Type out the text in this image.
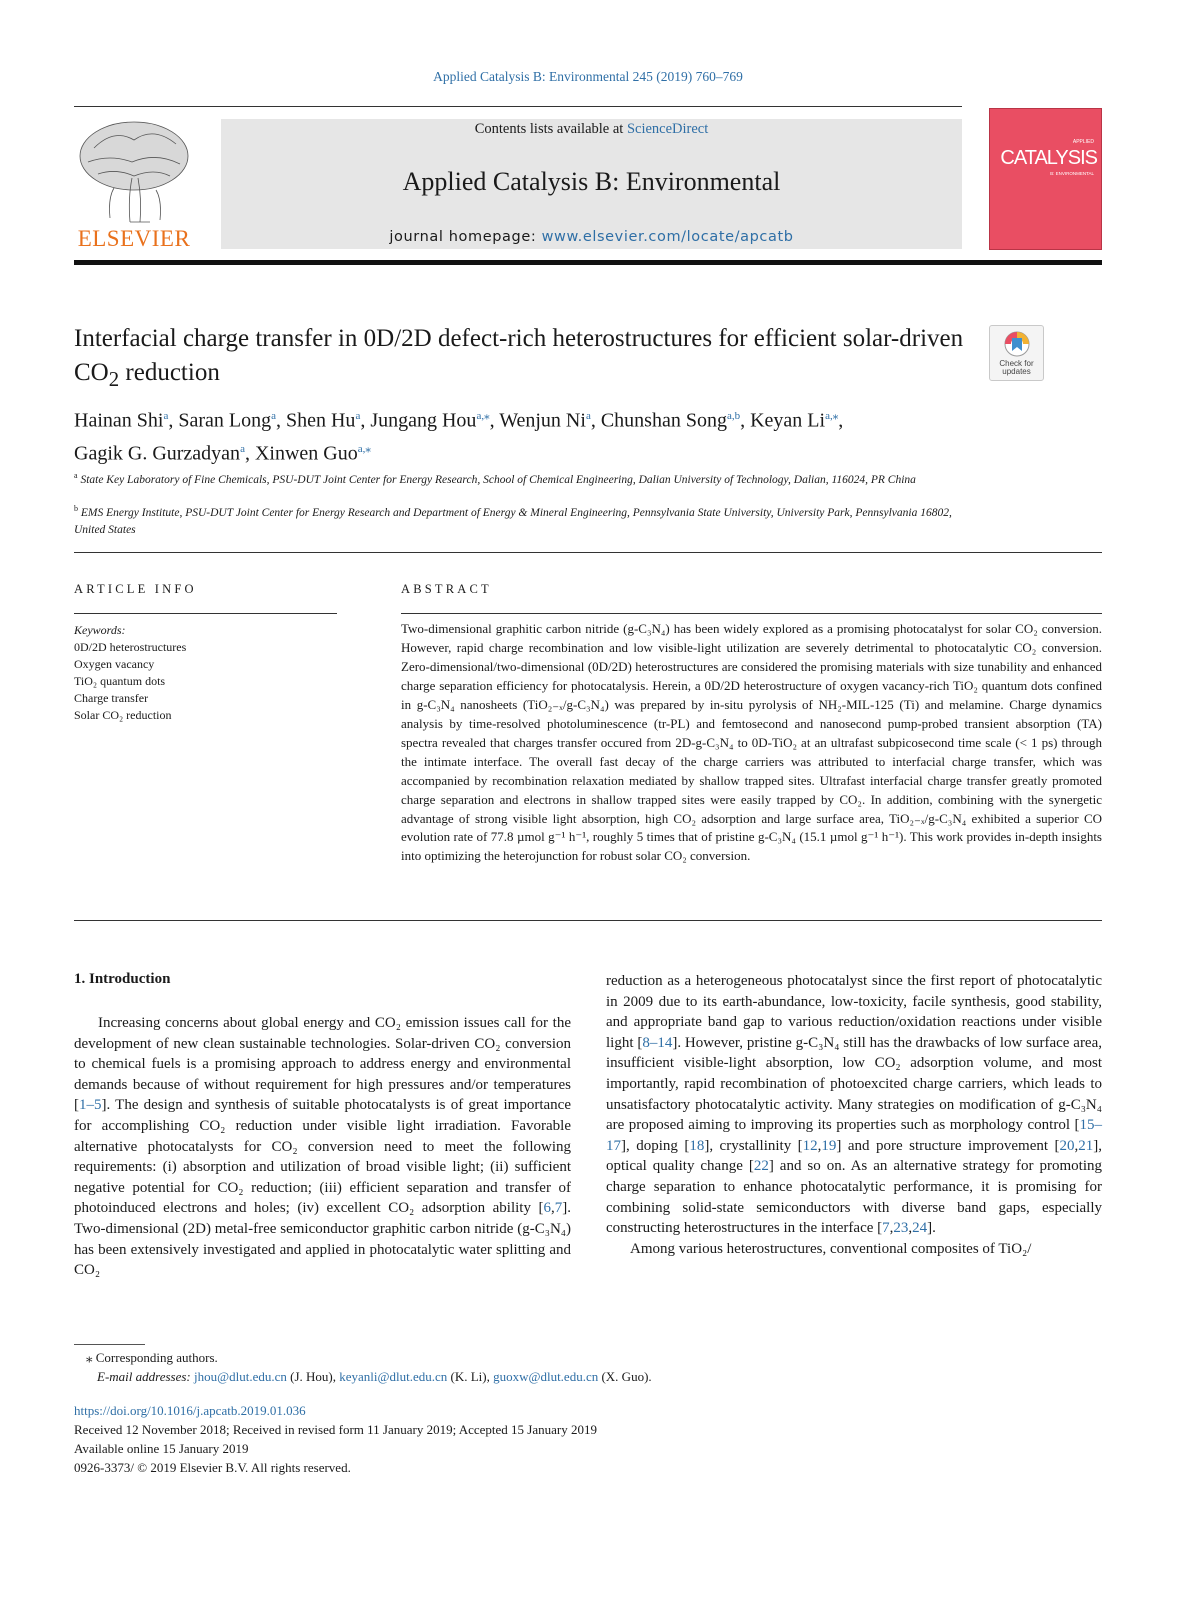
Applied Catalysis B: Environmental 245 (2019) 760–769
ELSEVIER
Contents lists available at ScienceDirect
Applied Catalysis B: Environmental
journal homepage: www.elsevier.com/locate/apcatb
APPLIED
CATALYSIS
B: ENVIRONMENTAL
Interfacial charge transfer in 0D/2D defect-rich heterostructures for efficient solar-driven $CO_2$ reduction	Check for
updates
Hainan Shi$^a$, Saran Long$^a$, Shen Hu$^a$, Jungang Hou$^{a,⁎}$, Wenjun Ni$^a$, Chunshan Song$^{a,b}$, Keyan $Li^{a,⁎}$,
Gagik G. Gurzadyan$^a$, Xinwen Guo$^{a,⁎}$
$^a$ State Key Laboratory of Fine Chemicals, PSU-DUT Joint Center for Energy Research, School of Chemical Engineering, Dalian University of Technology, Dalian, 116024, PR China
$^b$ EMS Energy Institute, PSU-DUT Joint Center for Energy Research and Department of Energy & Mineral Engineering, Pennsylvania State University, University Park, Pennsylvania 16802, United States
ARTICLE INFO	ABSTRACT
Keywords:
0D/2D heterostructures
Oxygen vacancy
TiO₂ quantum dots
Charge transfer
Solar CO₂ reduction
Two-dimensional graphitic carbon nitride (g-C₃N₄) has been widely explored as a promising photocatalyst for solar CO₂ conversion. However, rapid charge recombination and low visible-light utilization are severely detrimental to photocatalytic CO₂ conversion. Zero-dimensional/two-dimensional (0D/2D) heterostructures are considered the promising materials with size tunability and enhanced charge separation efficiency for photocatalysis. Herein, a 0D/2D heterostructure of oxygen vacancy-rich TiO₂ quantum dots confined in g-C₃N₄ nanosheets (TiO₂₋ₓ/g-C₃N₄) was prepared by in-situ pyrolysis of NH₂-MIL-125 (Ti) and melamine. Charge dynamics analysis by time-resolved photoluminescence (tr-PL) and femtosecond and nanosecond pump-probed transient absorption (TA) spectra revealed that charges transfer occured from 2D-g-C₃N₄ to 0D-TiO₂ at an ultrafast subpicosecond time scale (< 1 ps) through the intimate interface. The overall fast decay of the charge carriers was attributed to interfacial charge transfer, which was accompanied by recombination relaxation mediated by shallow trapped sites. Ultrafast interfacial charge transfer greatly promoted charge separation and electrons in shallow trapped sites were easily trapped by CO₂. In addition, combining with the synergetic advantage of strong visible light absorption, high CO₂ adsorption and large surface area, TiO₂₋ₓ/g-C₃N₄ exhibited a superior CO evolution rate of 77.8 µmol g⁻¹ h⁻¹, roughly 5 times that of pristine g-C₃N₄ (15.1 µmol g⁻¹ h⁻¹). This work provides in-depth insights into optimizing the heterojunction for robust solar CO₂ conversion.
1. Introduction

Increasing concerns about global energy and CO₂ emission issues call for the development of new clean sustainable technologies. Solar-driven CO₂ conversion to chemical fuels is a promising approach to address energy and environmental demands because of without requirement for high pressures and/or temperatures [1–5]. The design and synthesis of suitable photocatalysts is of great importance for accomplishing CO₂ reduction under visible light irradiation. Favorable alternative photocatalysts for CO₂ conversion need to meet the following requirements: (i) absorption and utilization of broad visible light; (ii) sufficient negative potential for CO₂ reduction; (iii) efficient separation and transfer of photoinduced electrons and holes; (iv) excellent CO₂ adsorption ability [6,7]. Two-dimensional (2D) metal-free semiconductor graphitic carbon nitride (g-C₃N₄) has been extensively investigated and applied in photocatalytic water splitting and CO₂

reduction as a heterogeneous photocatalyst since the first report of photocatalytic in 2009 due to its earth-abundance, low-toxicity, facile synthesis, good stability, and appropriate band gap to various reduction/oxidation reactions under visible light [8–14]. However, pristine g-C₃N₄ still has the drawbacks of low surface area, insufficient visible-light absorption, low CO₂ adsorption volume, and most importantly, rapid recombination of photoexcited charge carriers, which leads to unsatisfactory photocatalytic activity. Many strategies on modification of g-C₃N₄ are proposed aiming to improving its properties such as morphology control [15–17], doping [18], crystallinity [12,19] and pore structure improvement [20,21], optical quality change [22] and so on. As an alternative strategy for promoting charge separation to enhance photocatalytic performance, it is promising for combining solid-state semiconductors with diverse band gaps, especially constructing heterostructures in the interface [7,23,24].

Among various heterostructures, conventional composites of TiO₂/

⁎ Corresponding authors.
E-mail addresses: jhou@dlut.edu.cn (J. Hou), keyanli@dlut.edu.cn (K. Li), guoxw@dlut.edu.cn (X. Guo).
https://doi.org/10.1016/j.apcatb.2019.01.036
Received 12 November 2018; Received in revised form 11 January 2019; Accepted 15 January 2019
Available online 15 January 2019
0926-3373/ © 2019 Elsevier B.V. All rights reserved.
